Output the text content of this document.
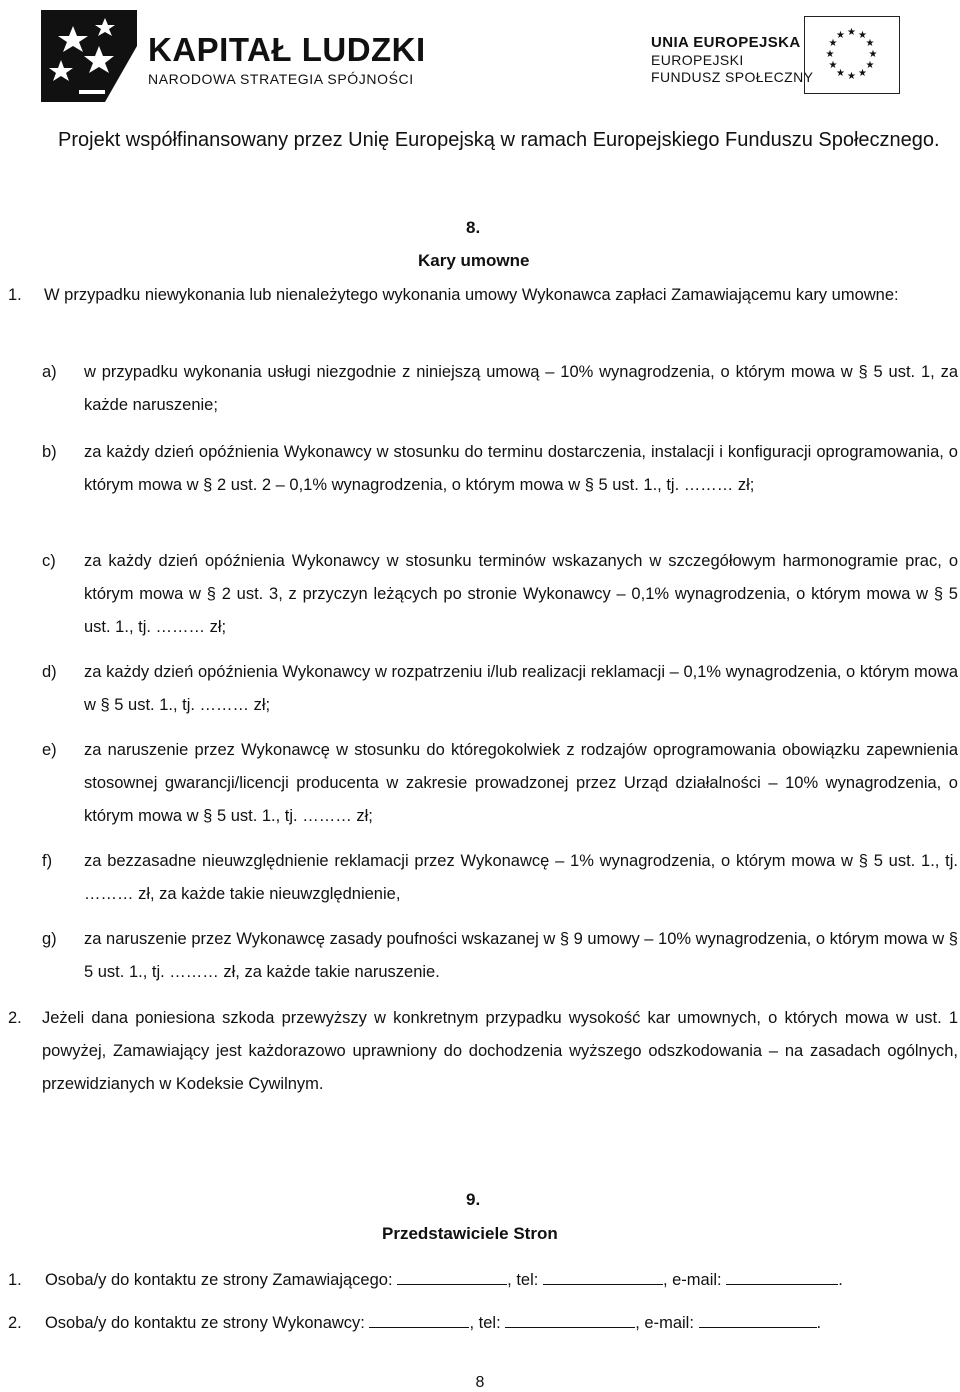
KAPITAŁ LUDZKI
NARODOWA STRATEGIA SPÓJNOŚCI
UNIA EUROPEJSKA
EUROPEJSKI
FUNDUSZ SPOŁECZNY
★ ★
★
★
★
★
★
★
★
★
★
★
Projekt współfinansowany przez Unię Europejską w ramach Europejskiego Funduszu Społecznego.
8.
Kary umowne
1.	W przypadku niewykonania lub nienależytego wykonania umowy Wykonawca zapłaci Zamawiającemu kary umowne:
a) w przypadku wykonania usługi niezgodnie z niniejszą umową – 10% wynagrodzenia, o którym mowa w § 5 ust. 1, za każde naruszenie;
b) za każdy dzień opóźnienia Wykonawcy w stosunku do terminu dostarczenia, instalacji i konfiguracji oprogramowania, o którym mowa w § 2 ust. 2 – 0,1% wynagrodzenia, o którym mowa w § 5 ust. 1., tj. ……… zł;
c) za każdy dzień opóźnienia Wykonawcy w stosunku terminów wskazanych w szczegółowym harmonogramie prac, o którym mowa w § 2 ust. 3, z przyczyn leżących po stronie Wykonawcy – 0,1% wynagrodzenia, o którym mowa w § 5 ust. 1., tj. ……… zł;
d) za każdy dzień opóźnienia Wykonawcy w rozpatrzeniu i/lub realizacji reklamacji – 0,1% wynagrodzenia, o którym mowa w § 5 ust. 1., tj. ……… zł;
e) za naruszenie przez Wykonawcę w stosunku do któregokolwiek z rodzajów oprogramowania obowiązku zapewnienia stosownej gwarancji/licencji producenta w zakresie prowadzonej przez Urząd działalności – 10% wynagrodzenia, o którym mowa w § 5 ust. 1., tj. ……… zł;
f) za bezzasadne nieuwzględnienie reklamacji przez Wykonawcę – 1% wynagrodzenia, o którym mowa w § 5 ust. 1., tj. ……… zł, za każde takie nieuwzględnienie,
g) za naruszenie przez Wykonawcę zasady poufności wskazanej w § 9 umowy – 10% wynagrodzenia, o którym mowa w § 5 ust. 1., tj. ……… zł, za każde takie naruszenie.
2. Jeżeli dana poniesiona szkoda przewyższy w konkretnym przypadku wysokość kar umownych, o których mowa w ust. 1 powyżej, Zamawiający jest każdorazowo uprawniony do dochodzenia wyższego odszkodowania – na zasadach ogólnych, przewidzianych w Kodeksie Cywilnym.
9.
Przedstawiciele Stron
1. Osoba/y do kontaktu ze strony Zamawiającego:	, tel:	, e-mail:	.
2. Osoba/y do kontaktu ze strony Wykonawcy:	, tel:	, e-mail:	.
8
